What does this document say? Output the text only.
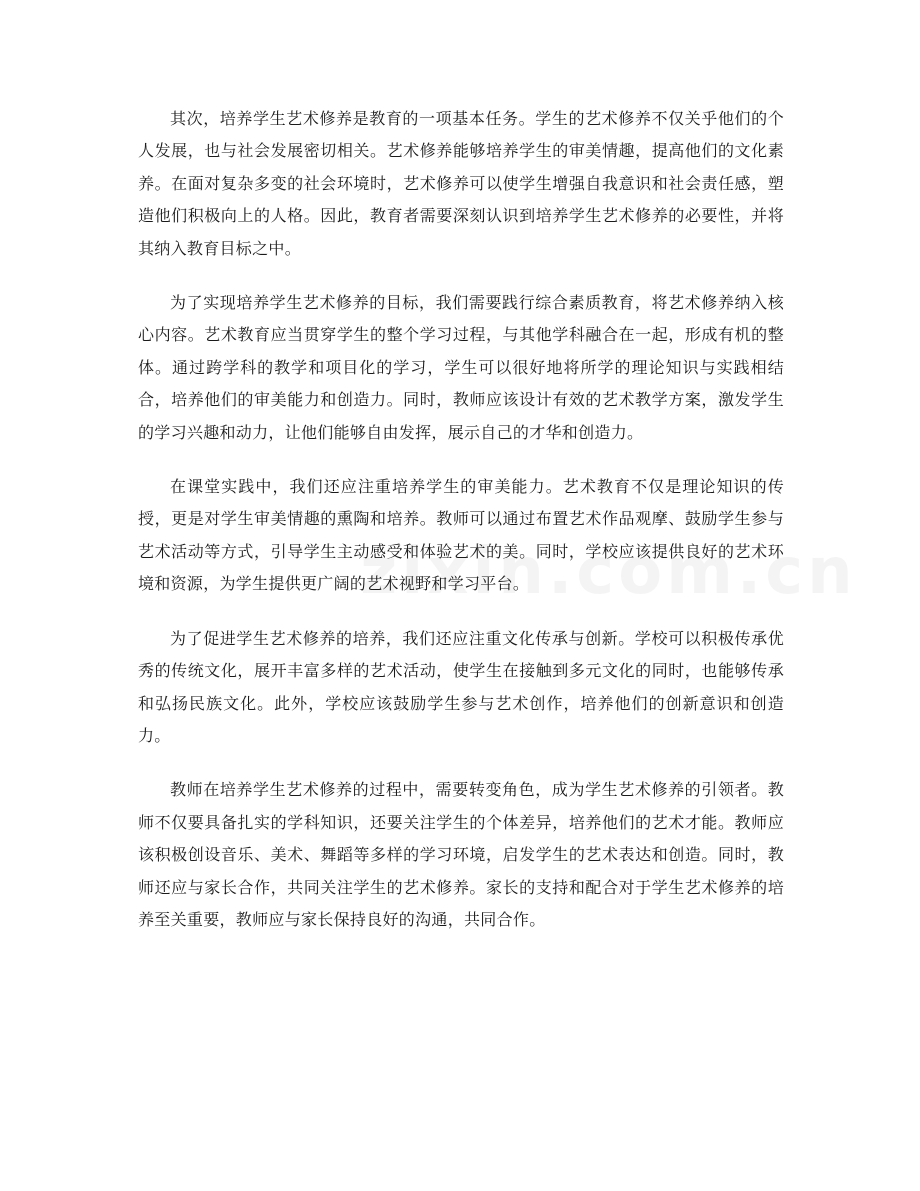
其次，培养学生艺术修养是教育的一项基本任务。学生的艺术修养不仅关乎他们的个人发展，也与社会发展密切相关。艺术修养能够培养学生的审美情趣，提高他们的文化素养。在面对复杂多变的社会环境时，艺术修养可以使学生增强自我意识和社会责任感，塑造他们积极向上的人格。因此，教育者需要深刻认识到培养学生艺术修养的必要性，并将其纳入教育目标之中。

为了实现培养学生艺术修养的目标，我们需要践行综合素质教育，将艺术修养纳入核心内容。艺术教育应当贯穿学生的整个学习过程，与其他学科融合在一起，形成有机的整体。通过跨学科的教学和项目化的学习，学生可以很好地将所学的理论知识与实践相结合，培养他们的审美能力和创造力。同时，教师应该设计有效的艺术教学方案，激发学生的学习兴趣和动力，让他们能够自由发挥，展示自己的才华和创造力。

在课堂实践中，我们还应注重培养学生的审美能力。艺术教育不仅是理论知识的传授，更是对学生审美情趣的熏陶和培养。教师可以通过布置艺术作品观摩、鼓励学生参与艺术活动等方式，引导学生主动感受和体验艺术的美。同时，学校应该提供良好的艺术环境和资源，为学生提供更广阔的艺术视野和学习平台。

为了促进学生艺术修养的培养，我们还应注重文化传承与创新。学校可以积极传承优秀的传统文化，展开丰富多样的艺术活动，使学生在接触到多元文化的同时，也能够传承和弘扬民族文化。此外，学校应该鼓励学生参与艺术创作，培养他们的创新意识和创造力。

教师在培养学生艺术修养的过程中，需要转变角色，成为学生艺术修养的引领者。教师不仅要具备扎实的学科知识，还要关注学生的个体差异，培养他们的艺术才能。教师应该积极创设音乐、美术、舞蹈等多样的学习环境，启发学生的艺术表达和创造。同时，教师还应与家长合作，共同关注学生的艺术修养。家长的支持和配合对于学生艺术修养的培养至关重要，教师应与家长保持良好的沟通，共同合作。
